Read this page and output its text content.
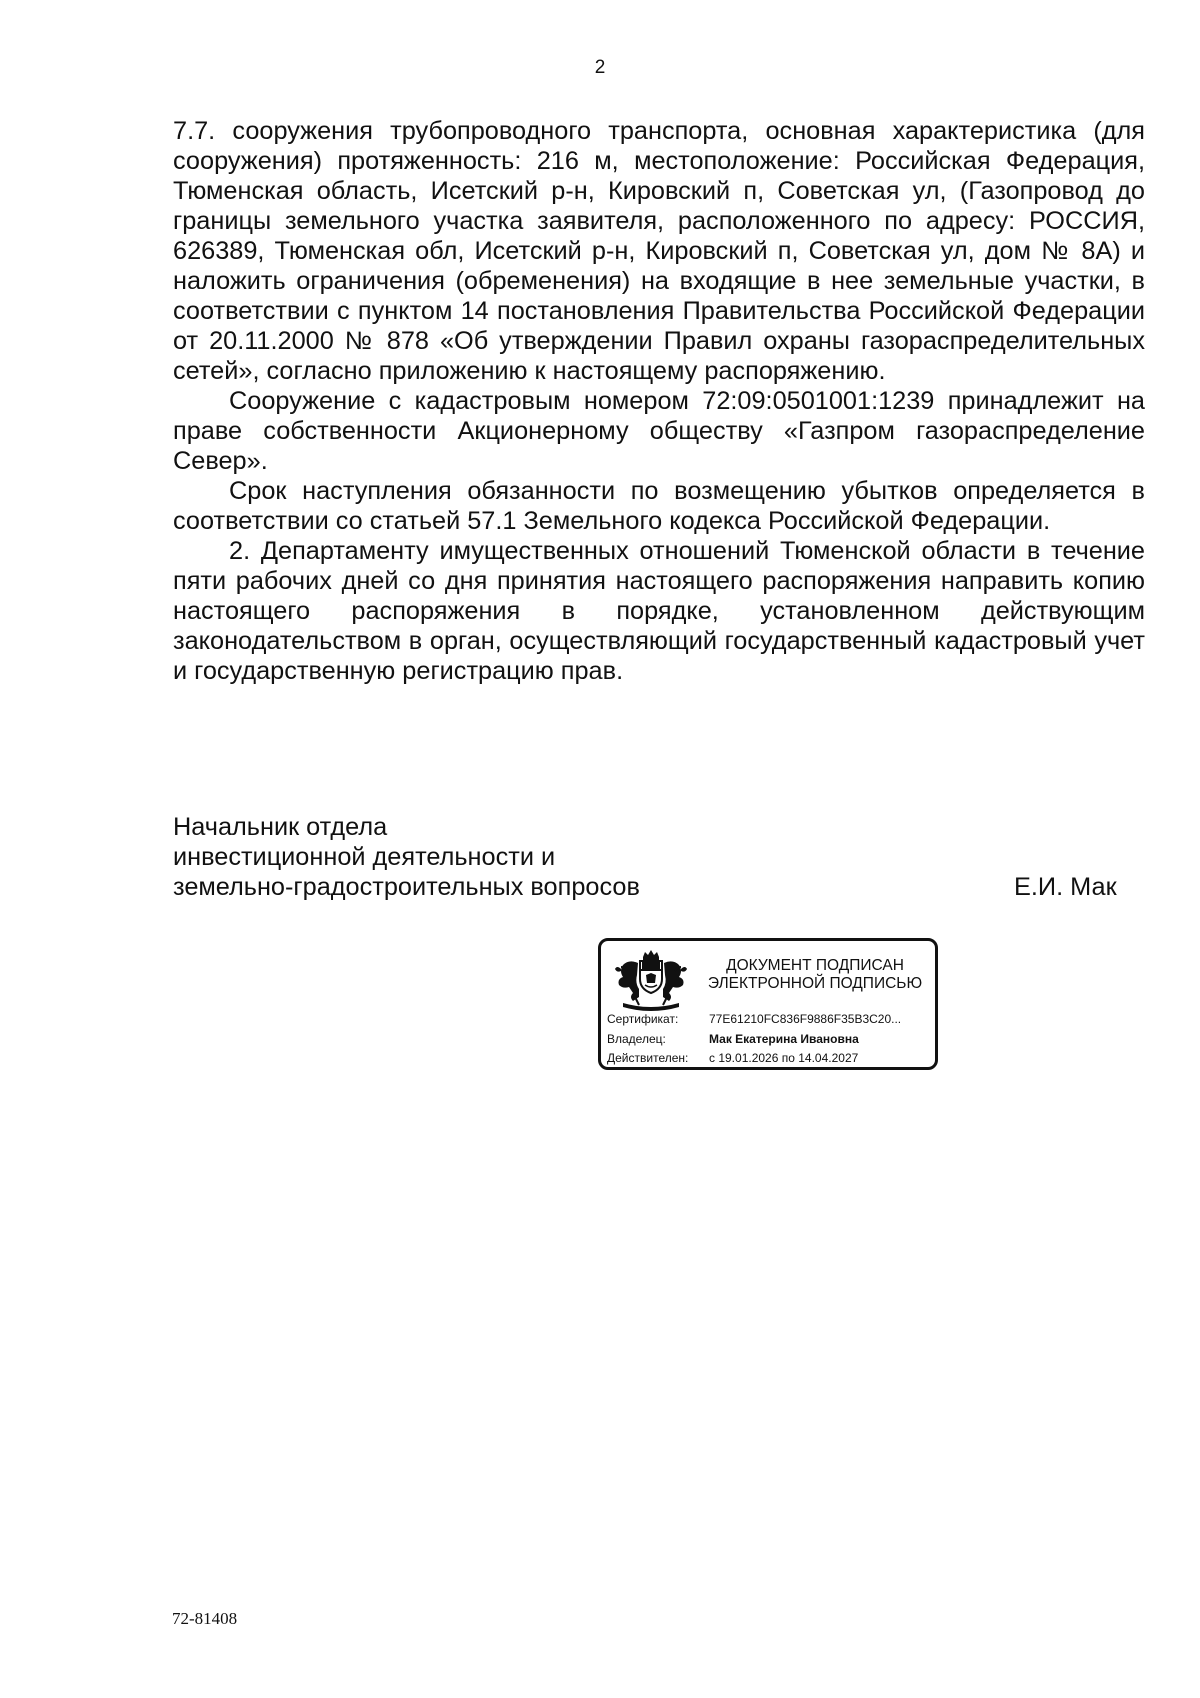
2

7.7. сооружения трубопроводного транспорта, основная характеристика (для сооружения) протяженность: 216 м, местоположение: Российская Федерация, Тюменская область, Исетский р-н, Кировский п, Советская ул, (Газопровод до границы земельного участка заявителя, расположенного по адресу: РОССИЯ, 626389, Тюменская обл, Исетский р-н, Кировский п, Советская ул, дом № 8А) и наложить ограничения (обременения) на входящие в нее земельные участки, в соответствии с пунктом 14 постановления Правительства Российской Федерации от 20.11.2000 № 878 «Об утверждении Правил охраны газораспределительных сетей», согласно приложению к настоящему распоряжению.

Сооружение с кадастровым номером 72:09:0501001:1239 принадлежит на праве собственности Акционерному обществу «Газпром газораспределение Север».

Срок наступления обязанности по возмещению убытков определяется в соответствии со статьей 57.1 Земельного кодекса Российской Федерации.

2. Департаменту имущественных отношений Тюменской области в течение пяти рабочих дней со дня принятия настоящего распоряжения направить копию настоящего распоряжения в порядке, установленном действующим законодательством в орган, осуществляющий государственный кадастровый учет и государственную регистрацию прав.

Начальник отдела
инвестиционной деятельности и
земельно-градостроительных вопросов	Е.И. Мак
ДОКУМЕНТ ПОДПИСАН
ЭЛЕКТРОННОЙ ПОДПИСЬЮ
Сертификат:	77E61210FC836F9886F35B3C20...
Владелец:	Мак Екатерина Ивановна
Действителен: с 19.01.2026 по 14.04.2027
72-81408
